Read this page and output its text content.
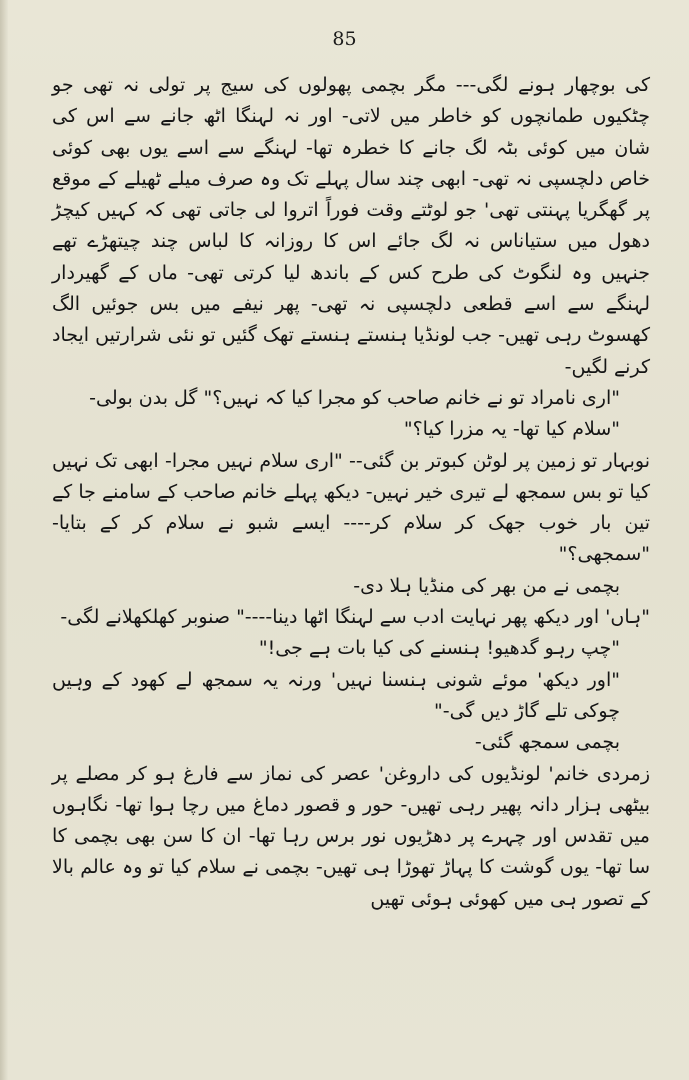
85

کی بوچھار ہونے لگی--- مگر بچمی پھولوں کی سیج پر تولی نہ تھی جو چٹکیوں طمانچوں کو خاطر میں لاتی- اور نہ لہنگا اٹھ جانے سے اس کی شان میں کوئی بٹہ لگ جانے کا خطرہ تھا- لہنگے سے اسے یوں بھی کوئی خاص دلچسپی نہ تھی- ابھی چند سال پہلے تک وہ صرف میلے ٹھیلے کے موقع پر گھگریا پہنتی تھی' جو لوٹتے وقت فوراً اتروا لی جاتی تھی کہ کہیں کیچڑ دھول میں ستیاناس نہ لگ جائے اس کا روزانہ کا لباس چند چیتھڑے تھے جنہیں وہ لنگوٹ کی طرح کس کے باندھ لیا کرتی تھی- ماں کے گھیردار لہنگے سے اسے قطعی دلچسپی نہ تھی- پھر نیفے میں بس جوئیں الگ کھسوٹ رہی تھیں- جب لونڈیا ہنستے ہنستے تھک گئیں تو نئی شرارتیں ایجاد کرنے لگیں-

"اری نامراد تو نے خانم صاحب کو مجرا کیا کہ نہیں؟" گل بدن بولی-

"سلام کیا تھا- یہ مزرا کیا؟"

نوبہار تو زمین پر لوٹن کبوتر بن گئی-- "اری سلام نہیں مجرا- ابھی تک نہیں کیا تو بس سمجھ لے تیری خیر نہیں- دیکھ پہلے خانم صاحب کے سامنے جا کے تین بار خوب جھک کر سلام کر---- ایسے شبو نے سلام کر کے بتایا- "سمجھی؟"

بچمی نے من بھر کی منڈیا ہلا دی-

"ہاں' اور دیکھ پھر نہایت ادب سے لہنگا اٹھا دینا----" صنوبر کھلکھلانے لگی-

"چپ رہو گدھیو! ہنسنے کی کیا بات ہے جی!"

"اور دیکھ' موئے شونی ہنسنا نہیں' ورنہ یہ سمجھ لے کھود کے وہیں چوکی تلے گاڑ دیں گی-"

بچمی سمجھ گئی-

زمردی خانم' لونڈیوں کی داروغن' عصر کی نماز سے فارغ ہو کر مصلے پر بیٹھی ہزار دانہ پھیر رہی تھیں- حور و قصور دماغ میں رچا ہوا تھا- نگاہوں میں تقدس اور چہرے پر دھڑیوں نور برس رہا تھا- ان کا سن بھی بچمی کا سا تھا- یوں گوشت کا پہاڑ تھوڑا ہی تھیں- بچمی نے سلام کیا تو وہ عالم بالا کے تصور ہی میں کھوئی ہوئی تھیں
